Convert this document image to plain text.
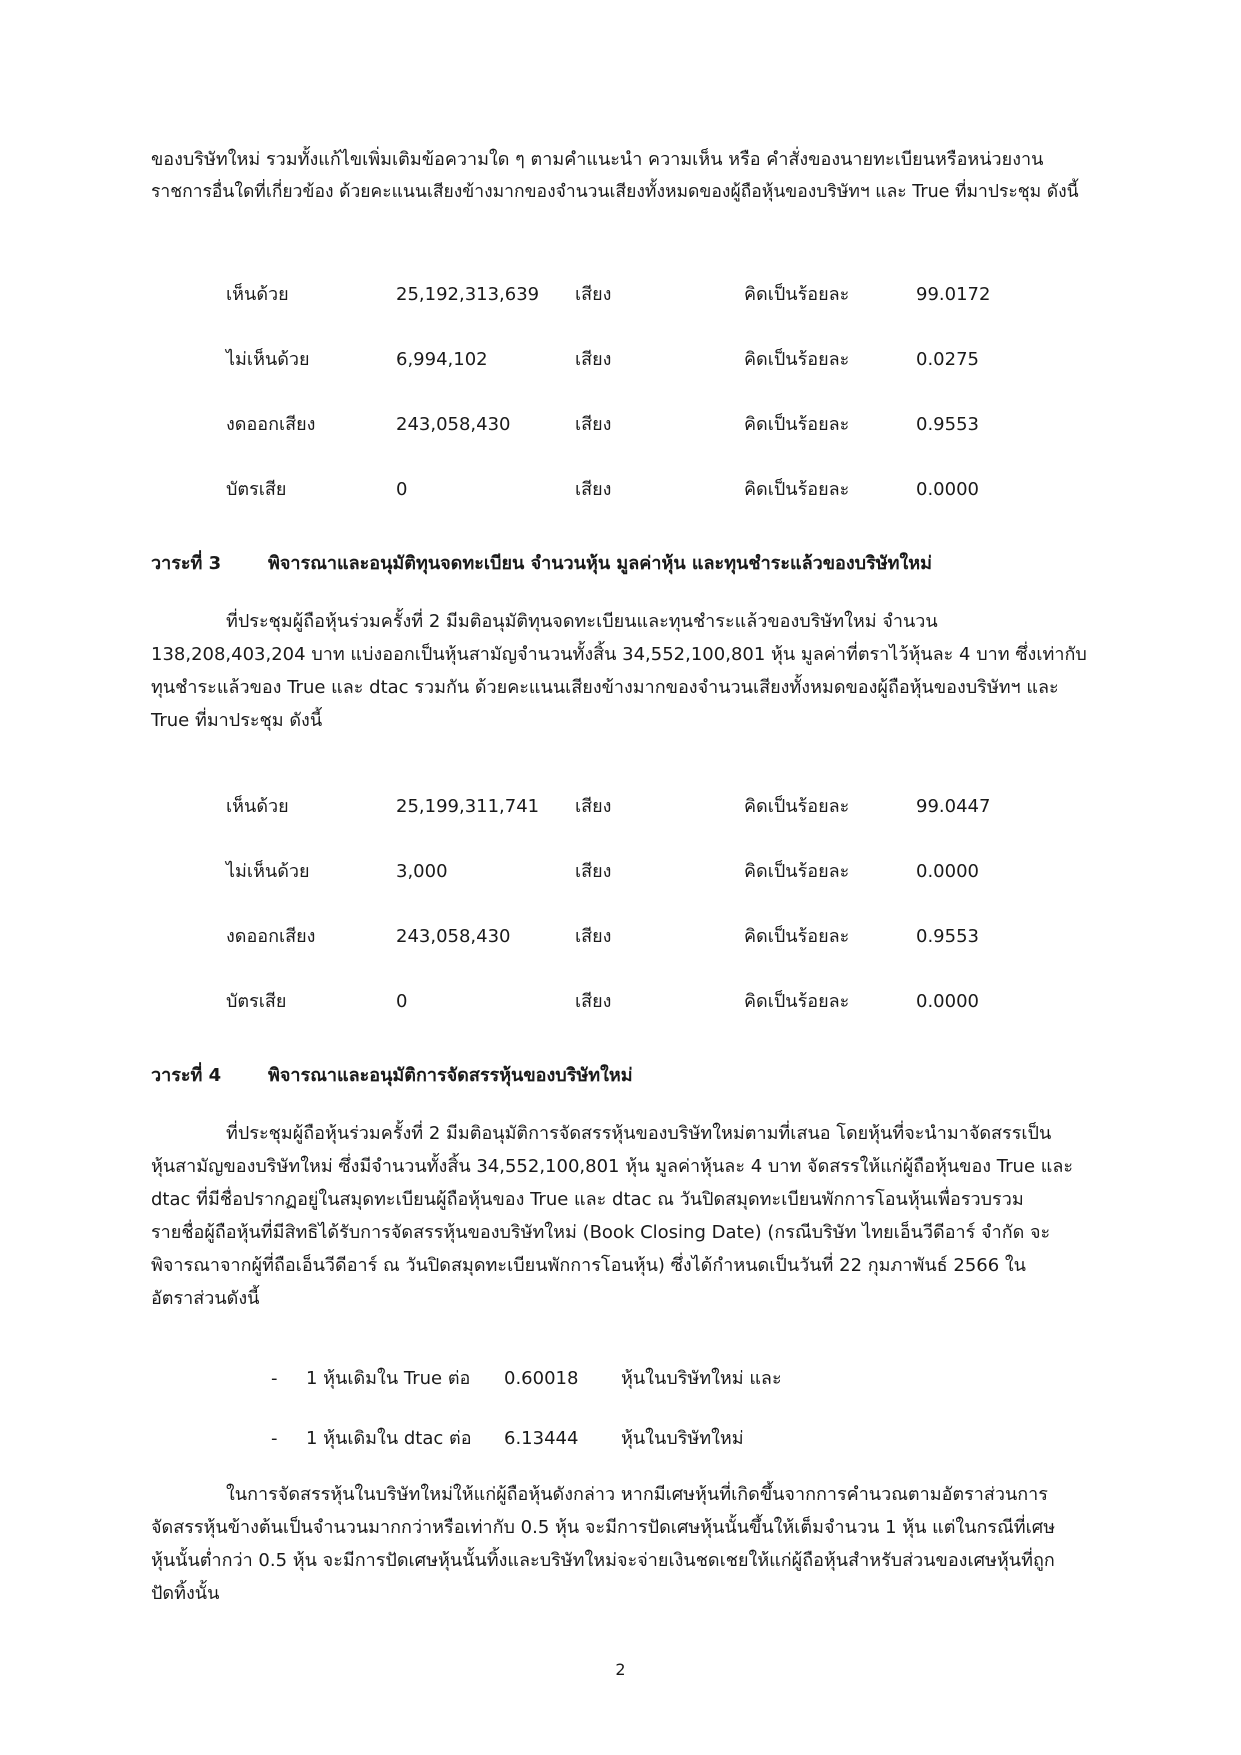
ของบริษัทใหม่ รวมทั้งแก้ไขเพิ่มเติมข้อความใด ๆ ตามคำแนะนำ ความเห็น หรือ คำสั่งของนายทะเบียนหรือหน่วยงาน

ราชการอื่นใดที่เกี่ยวข้อง ด้วยคะแนนเสียงข้างมากของจำนวนเสียงทั้งหมดของผู้ถือหุ้นของบริษัทฯ และ True ที่มาประชุม ดังนี้

เห็นด้วย	25,192,313,639 เสียง	คิดเป็นร้อยละ	99.0172
ไม่เห็นด้วย	6,994,102	เสียง	คิดเป็นร้อยละ	0.0275
งดออกเสียง	243,058,430	เสียง	คิดเป็นร้อยละ	0.9553
บัตรเสีย	0	เสียง	คิดเป็นร้อยละ	0.0000
วาระที่ 3	พิจารณาและอนุมัติทุนจดทะเบียน จำนวนหุ้น มูลค่าหุ้น และทุนชำระแล้วของบริษัทใหม่

ที่ประชุมผู้ถือหุ้นร่วมครั้งที่ 2 มีมติอนุมัติทุนจดทะเบียนและทุนชำระแล้วของบริษัทใหม่ จำนวน

138,208,403,204 บาท แบ่งออกเป็นหุ้นสามัญจำนวนทั้งสิ้น 34,552,100,801 หุ้น มูลค่าที่ตราไว้หุ้นละ 4 บาท ซึ่งเท่ากับ

ทุนชำระแล้วของ True และ dtac รวมกัน ด้วยคะแนนเสียงข้างมากของจำนวนเสียงทั้งหมดของผู้ถือหุ้นของบริษัทฯ และ

True ที่มาประชุม ดังนี้

เห็นด้วย	25,199,311,741 เสียง	คิดเป็นร้อยละ	99.0447
ไม่เห็นด้วย	3,000	เสียง	คิดเป็นร้อยละ	0.0000
งดออกเสียง	243,058,430	เสียง	คิดเป็นร้อยละ	0.9553
บัตรเสีย	0	เสียง	คิดเป็นร้อยละ	0.0000
วาระที่ 4	พิจารณาและอนุมัติการจัดสรรหุ้นของบริษัทใหม่

ที่ประชุมผู้ถือหุ้นร่วมครั้งที่ 2 มีมติอนุมัติการจัดสรรหุ้นของบริษัทใหม่ตามที่เสนอ โดยหุ้นที่จะนำมาจัดสรรเป็น

หุ้นสามัญของบริษัทใหม่ ซึ่งมีจำนวนทั้งสิ้น 34,552,100,801 หุ้น มูลค่าหุ้นละ 4 บาท จัดสรรให้แก่ผู้ถือหุ้นของ True และ

dtac ที่มีชื่อปรากฏอยู่ในสมุดทะเบียนผู้ถือหุ้นของ True และ dtac ณ วันปิดสมุดทะเบียนพักการโอนหุ้นเพื่อรวบรวม

รายชื่อผู้ถือหุ้นที่มีสิทธิได้รับการจัดสรรหุ้นของบริษัทใหม่ (Book Closing Date) (กรณีบริษัท ไทยเอ็นวีดีอาร์ จำกัด จะ

พิจารณาจากผู้ที่ถือเอ็นวีดีอาร์ ณ วันปิดสมุดทะเบียนพักการโอนหุ้น) ซึ่งได้กำหนดเป็นวันที่ 22 กุมภาพันธ์ 2566 ใน

อัตราส่วนดังนี้

- 1 หุ้นเดิมใน True ต่อ 0.60018 หุ้นในบริษัทใหม่ และ
- 1 หุ้นเดิมใน dtac ต่อ 6.13444 หุ้นในบริษัทใหม่

ในการจัดสรรหุ้นในบริษัทใหม่ให้แก่ผู้ถือหุ้นดังกล่าว หากมีเศษหุ้นที่เกิดขึ้นจากการคำนวณตามอัตราส่วนการ

จัดสรรหุ้นข้างต้นเป็นจำนวนมากกว่าหรือเท่ากับ 0.5 หุ้น จะมีการปัดเศษหุ้นนั้นขึ้นให้เต็มจำนวน 1 หุ้น แต่ในกรณีที่เศษ

หุ้นนั้นต่ำกว่า 0.5 หุ้น จะมีการปัดเศษหุ้นนั้นทิ้งและบริษัทใหม่จะจ่ายเงินชดเชยให้แก่ผู้ถือหุ้นสำหรับส่วนของเศษหุ้นที่ถูก

ปัดทิ้งนั้น

2
